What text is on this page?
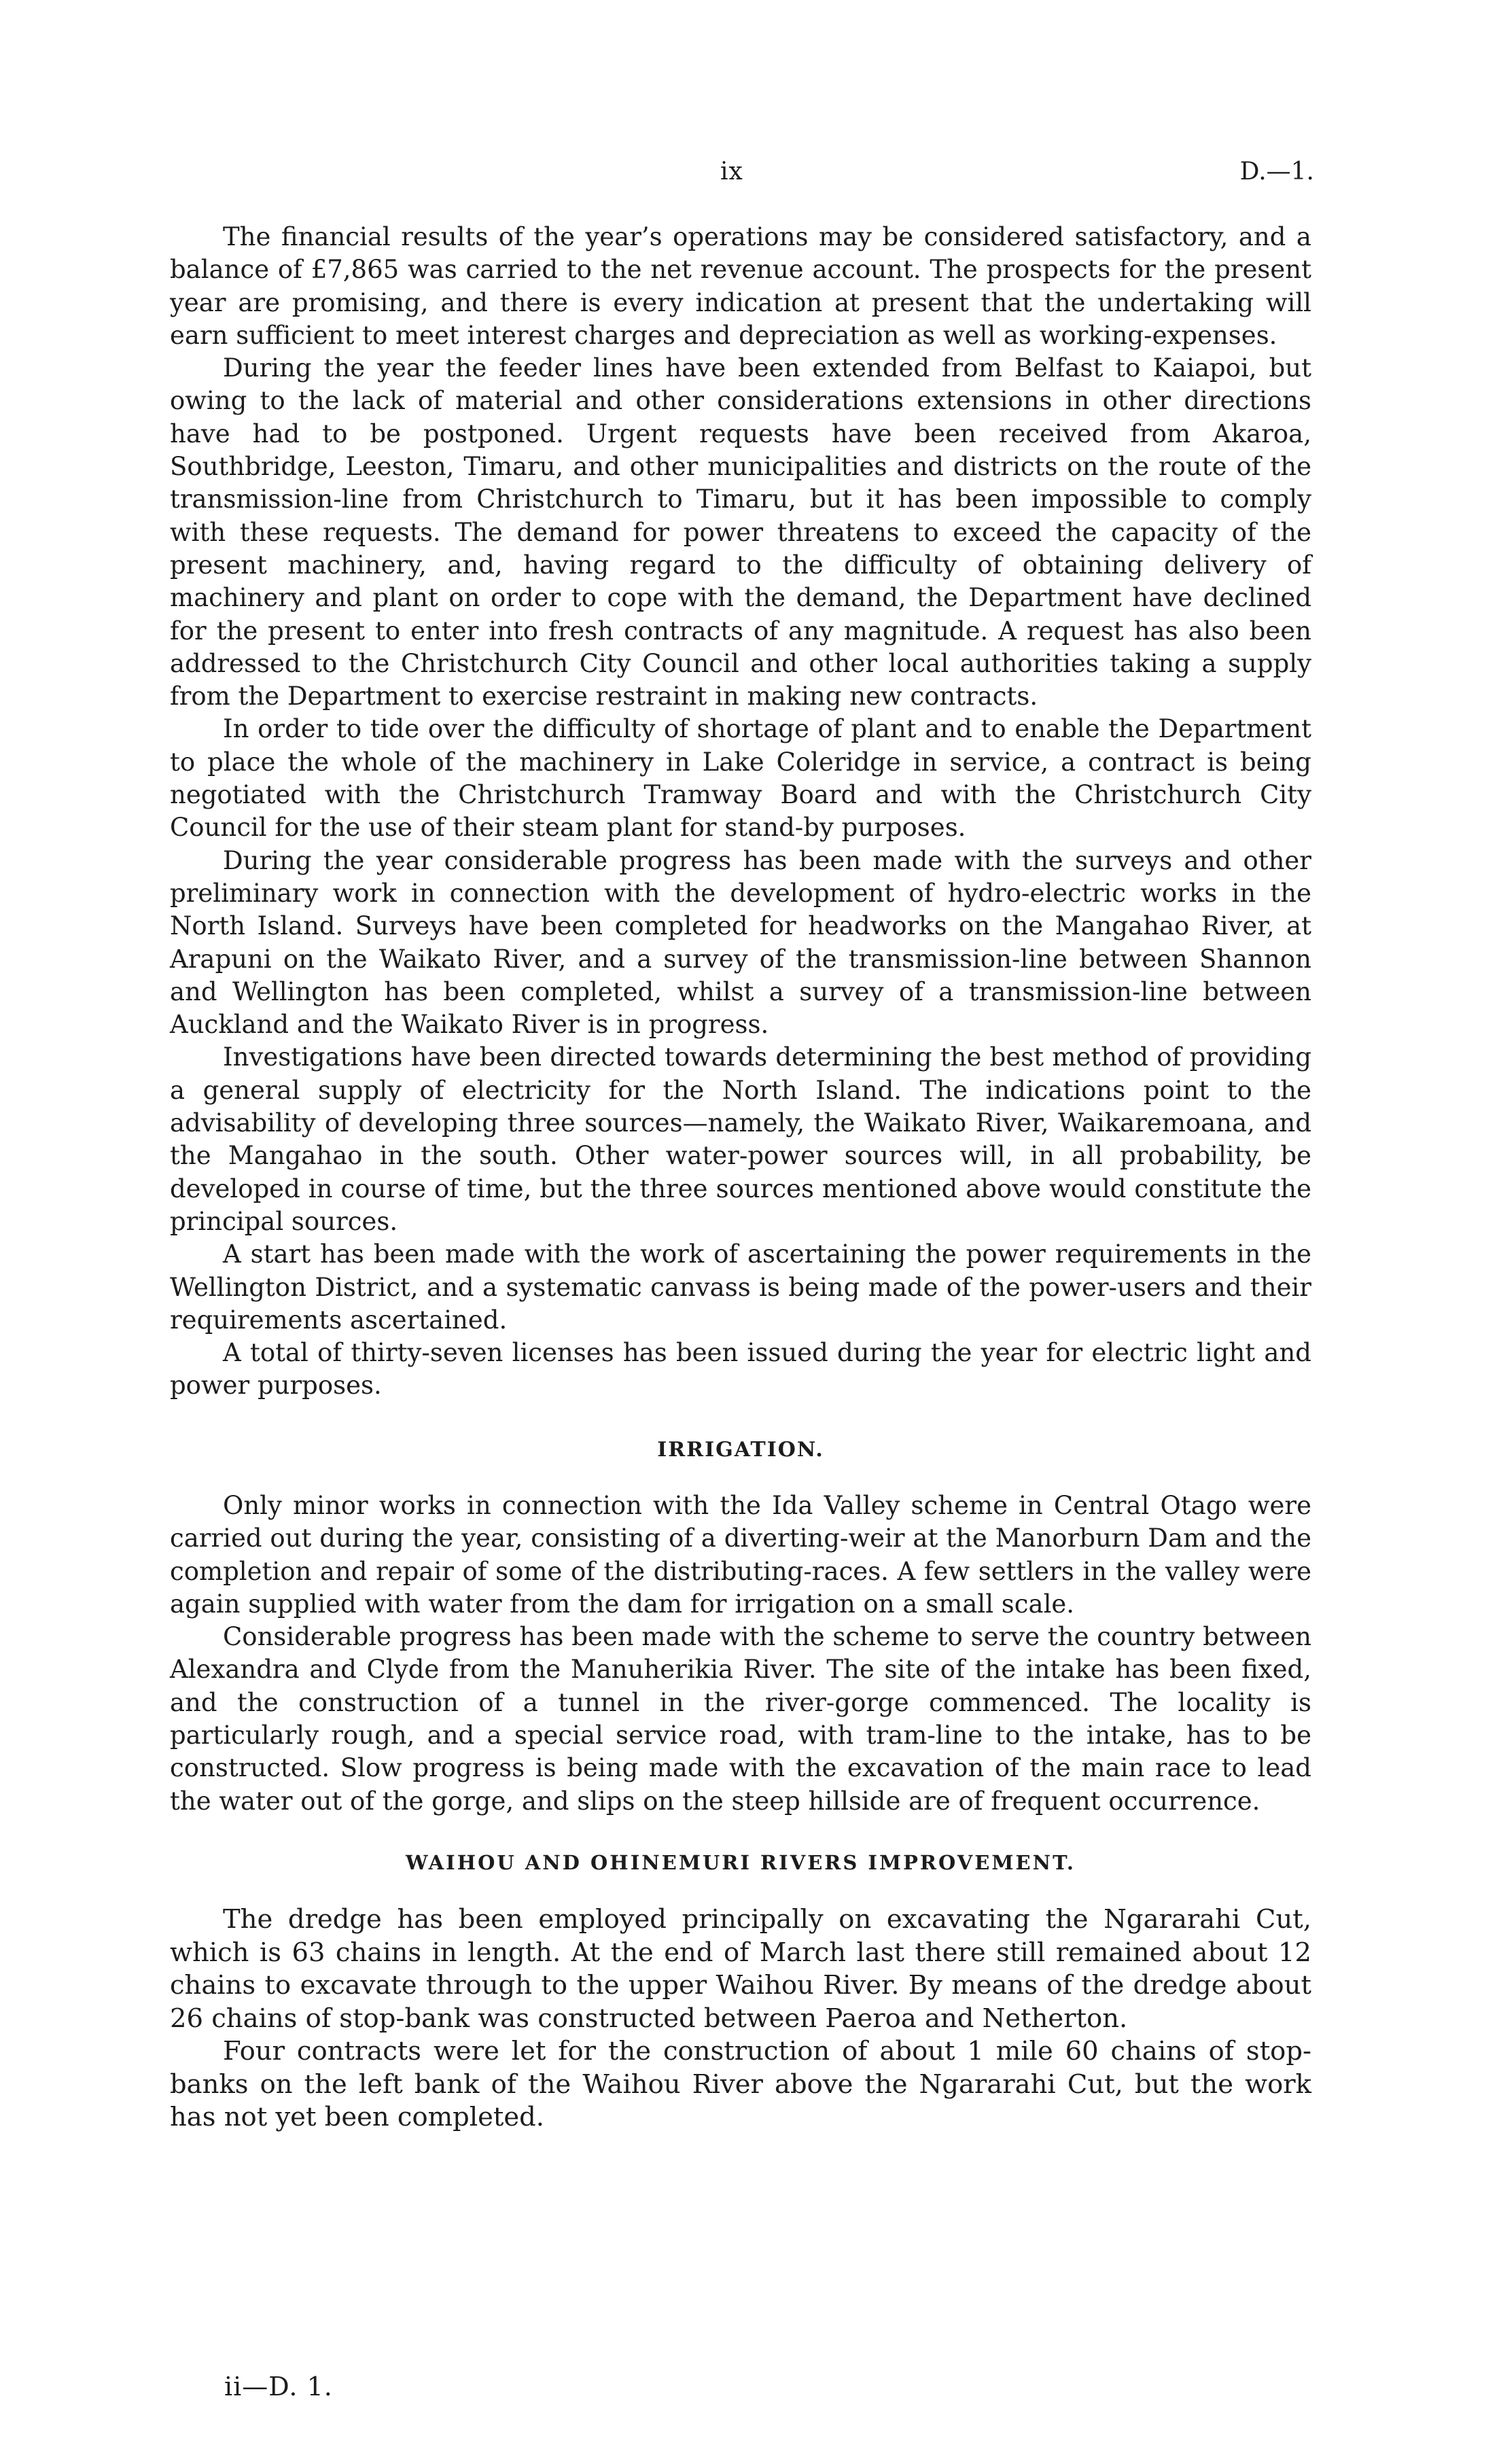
ix	D.—1.

The financial results of the year’s operations may be considered satisfactory, and a balance of £7,865 was carried to the net revenue account. The prospects for the present year are promising, and there is every indication at present that the undertaking will earn sufficient to meet interest charges and depreciation as well as working-expenses.

During the year the feeder lines have been extended from Belfast to Kaiapoi, but owing to the lack of material and other considerations extensions in other directions have had to be postponed. Urgent requests have been received from Akaroa, Southbridge, Leeston, Timaru, and other municipalities and districts on the route of the transmission-line from Christchurch to Timaru, but it has been impossible to comply with these requests. The demand for power threatens to exceed the capacity of the present machinery, and, having regard to the difficulty of obtaining delivery of machinery and plant on order to cope with the demand, the Department have declined for the present to enter into fresh contracts of any magnitude. A request has also been addressed to the Christchurch City Council and other local authorities taking a supply from the Department to exercise restraint in making new contracts.

In order to tide over the difficulty of shortage of plant and to enable the Department to place the whole of the machinery in Lake Coleridge in service, a contract is being negotiated with the Christchurch Tramway Board and with the Christchurch City Council for the use of their steam plant for stand-by purposes.

During the year considerable progress has been made with the surveys and other preliminary work in connection with the development of hydro-electric works in the North Island. Surveys have been completed for headworks on the Mangahao River, at Arapuni on the Waikato River, and a survey of the transmission-line between Shannon and Wellington has been completed, whilst a survey of a transmission-line between Auckland and the Waikato River is in progress.

Investigations have been directed towards determining the best method of providing a general supply of electricity for the North Island. The indications point to the advisability of developing three sources—namely, the Waikato River, Waikaremoana, and the Mangahao in the south. Other water-power sources will, in all probability, be developed in course of time, but the three sources mentioned above would constitute the principal sources.

A start has been made with the work of ascertaining the power requirements in the Wellington District, and a systematic canvass is being made of the power-users and their requirements ascertained.

A total of thirty-seven licenses has been issued during the year for electric light and power purposes.

IRRIGATION.

Only minor works in connection with the Ida Valley scheme in Central Otago were carried out during the year, consisting of a diverting-weir at the Manorburn Dam and the completion and repair of some of the distributing-races. A few settlers in the valley were again supplied with water from the dam for irrigation on a small scale.

Considerable progress has been made with the scheme to serve the country between Alexandra and Clyde from the Manuherikia River. The site of the intake has been fixed, and the construction of a tunnel in the river-gorge commenced. The locality is particularly rough, and a special service road, with tram-line to the intake, has to be constructed. Slow progress is being made with the excavation of the main race to lead the water out of the gorge, and slips on the steep hillside are of frequent occurrence.

WAIHOU AND OHINEMURI RIVERS IMPROVEMENT.

The dredge has been employed principally on excavating the Ngararahi Cut, which is 63 chains in length. At the end of March last there still remained about 12 chains to excavate through to the upper Waihou River. By means of the dredge about 26 chains of stop-bank was constructed between Paeroa and Netherton.

Four contracts were let for the construction of about 1 mile 60 chains of stop-banks on the left bank of the Waihou River above the Ngararahi Cut, but the work has not yet been completed.

ii—D. 1.
